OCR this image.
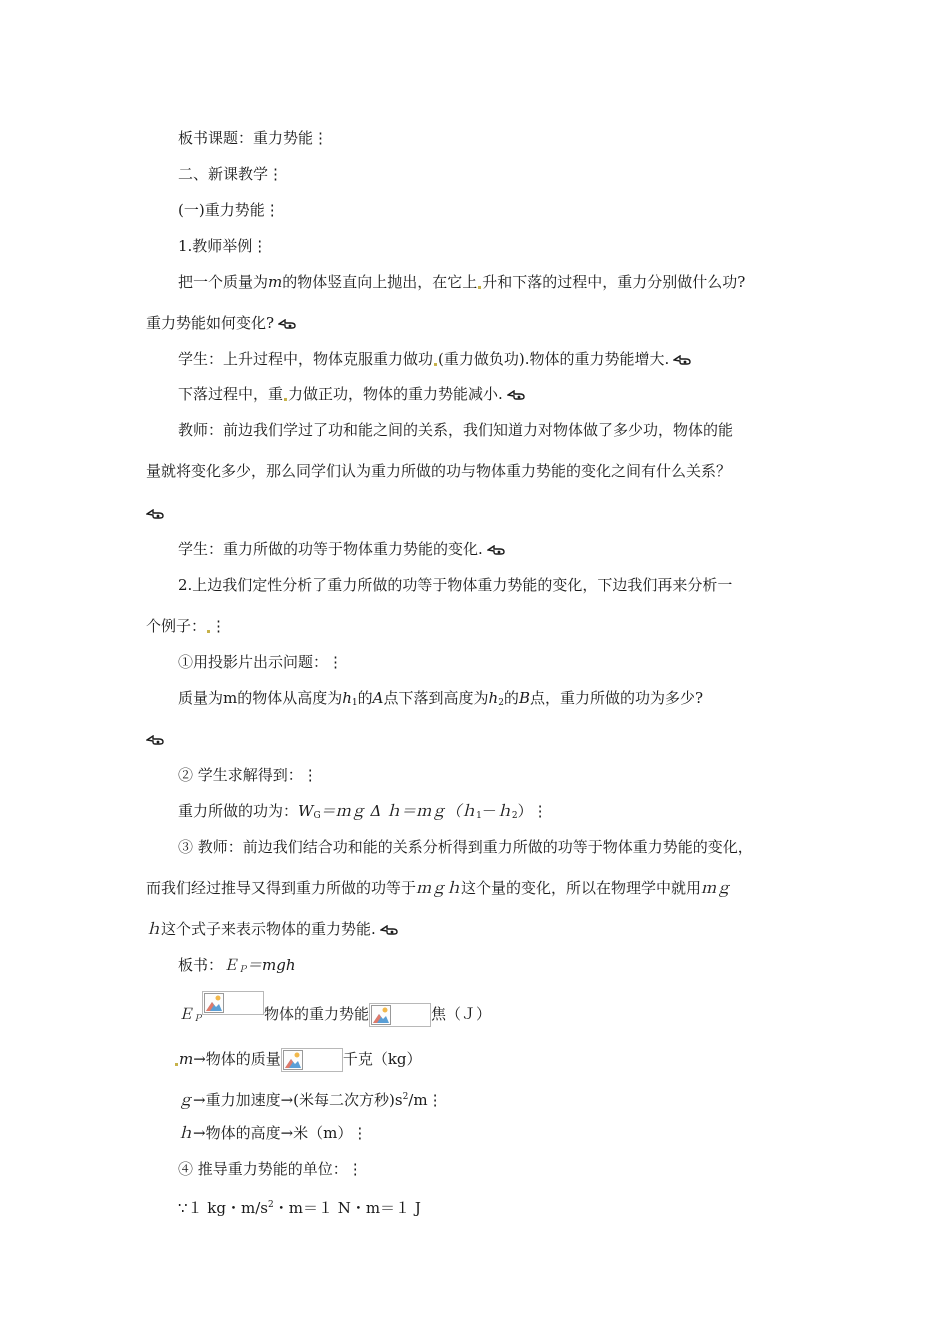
板书课题：重力势能⋮
二、新课教学⋮
(一)重力势能⋮
1.教师举例⋮
把一个质量为m的物体竖直向上抛出，在它上 升和下落的过程中，重力分别做什么功?
重力势能如何变化?
学生：上升过程中，物体克服重力做功 (重力做负功).物体的重力势能增大.
下落过程中，重 力做正功，物体的重力势能减小.
教师：前边我们学过了功和能之间的关系，我们知道力对物体做了多少功，物体的能
量就将变化多少，那么同学们认为重力所做的功与物体重力势能的变化之间有什么关系？
学生：重力所做的功等于物体重力势能的变化.
2.上边我们定性分析了重力所做的功等于物体重力势能的变化，下边我们再来分析一
个例子： ⋮
①用投影片出示问题：⋮
质量为m的物体从高度为$h_1$的A点下落到高度为$h_2$的B点，重力所做的功为多少?
② 学生求解得到：⋮
重力所做的功为：$W_G=mg$ Δ ｈ＝ｍｇ（ｈ$_1$－ｈ$_2$）⋮
③ 教师：前边我们结合功和能的关系分析得到重力所做的功等于物体重力势能的变化，
而我们经过推导又得到重力所做的功等于ｍｇｈ这个量的变化，所以在物理学中就用ｍｇ
ｈ这个式子来表示物体的重力势能.
板书：Ｅ$_P$＝mgh
Ｅ$_P$	物体的重力势能	焦（Ｊ）
m→物体的质量	千克（kg）
ｇ→重力加速度→(米每二次方秒)$s^2/m⋮$
ｈ→物体的高度→米（m）⋮
④ 推导重力势能的单位：⋮
∵１ kg・$m/s^2$・m＝１ N・m＝１ J
